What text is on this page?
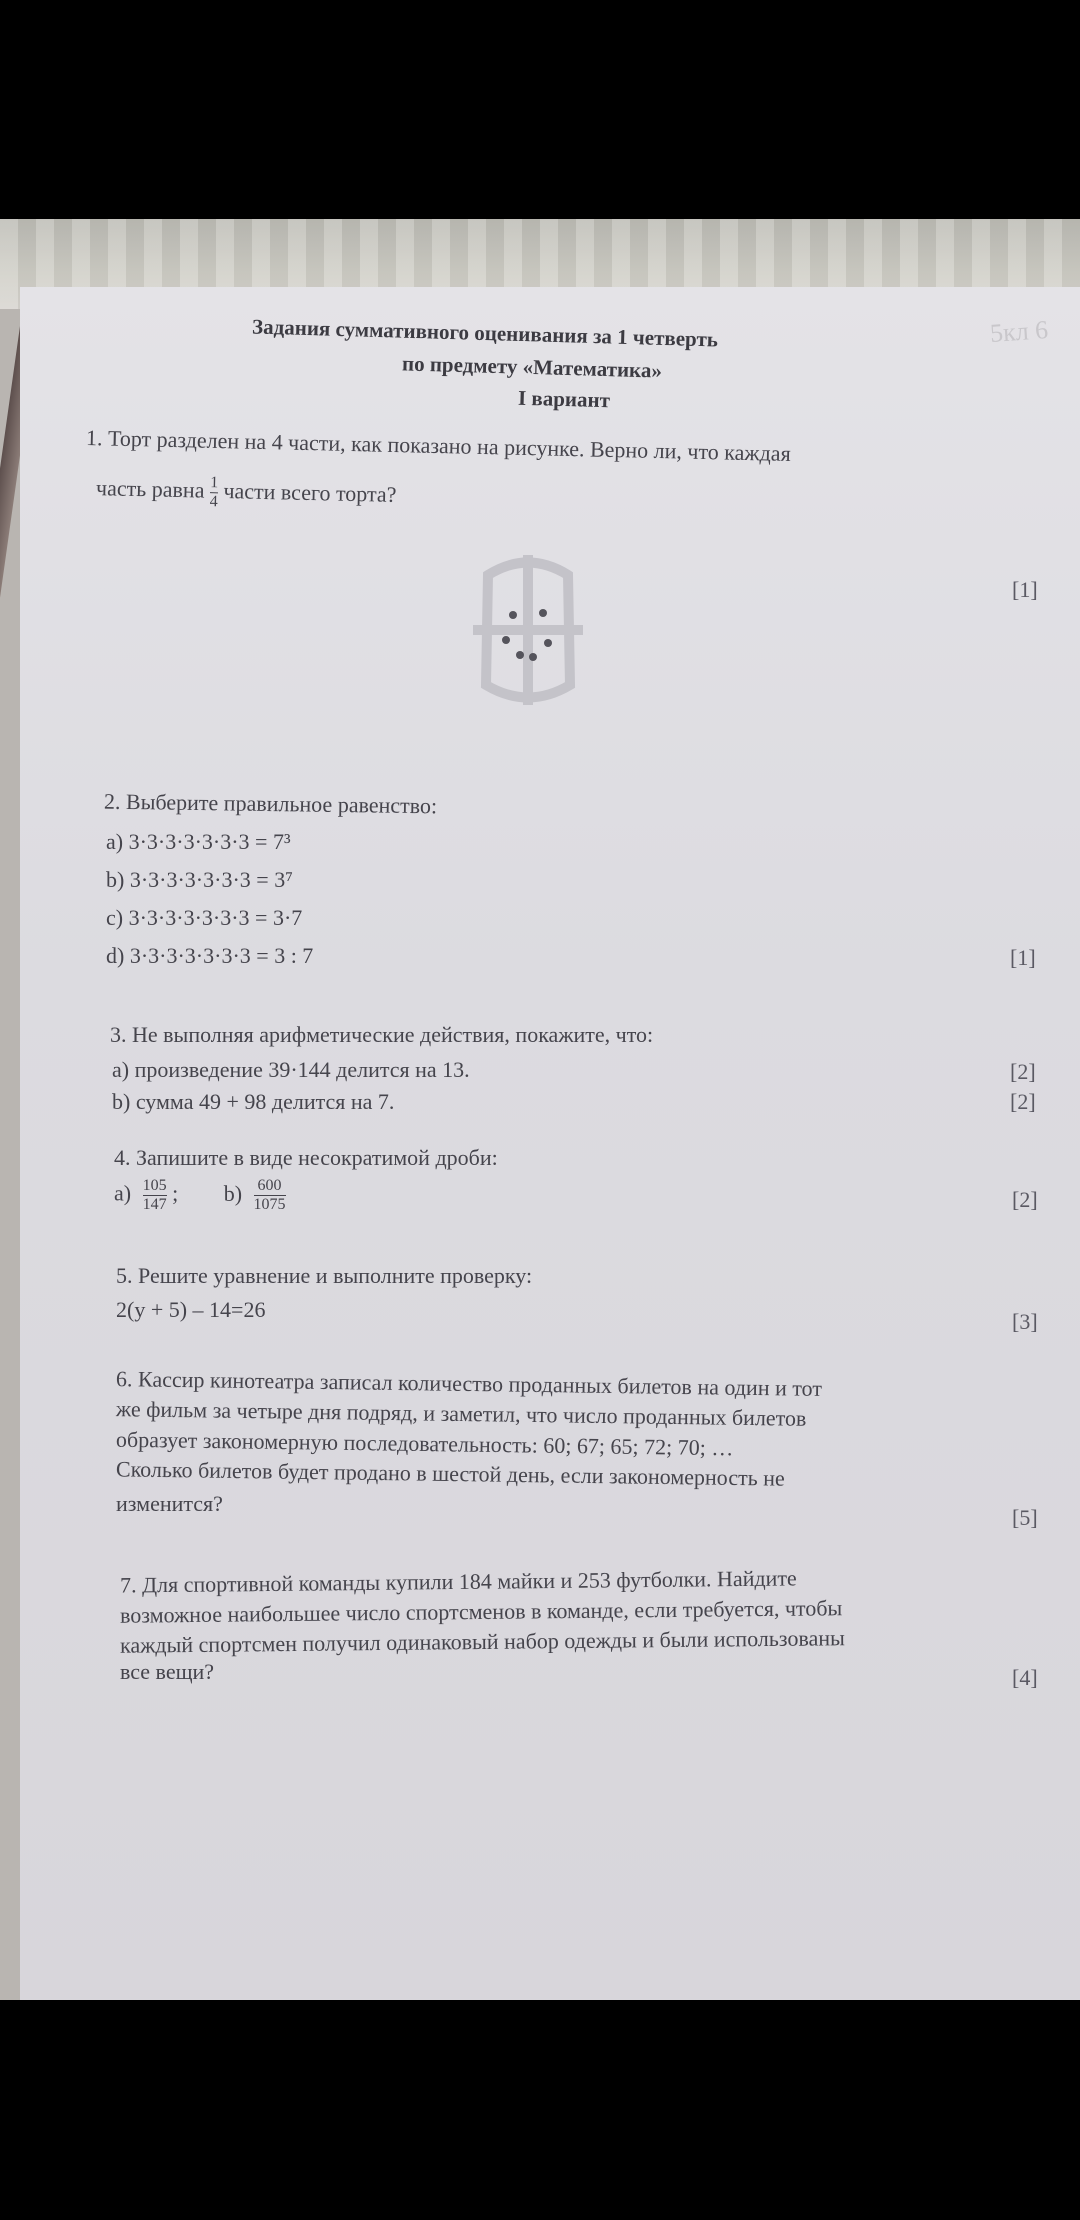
5кл 6
Задания суммативного оценивания за 1 четверть
по предмету «Математика»
I вариант
1. Торт разделен на 4 части, как показано на рисунке. Верно ли, что каждая
часть равна $\frac{1}{4}$ части всего торта?
[1]
2. Выберите правильное равенство:
a) 3·3·3·3·3·3·3 = 7³
b) 3·3·3·3·3·3·3 = 3⁷
c) 3·3·3·3·3·3·3 = 3·7
d) 3·3·3·3·3·3·3 = 3 : 7	[1]
3. Не выполняя арифметические действия, покажите, что:
a) произведение 39·144 делится на 13.
b) сумма 49 + 98 делится на 7.
[2]
[2]
4. Запишите в виде несократимой дроби:
$a) \frac{105}{147}$ ; $b) \frac{600}{1075}$	[2]
5. Решите уравнение и выполните проверку:
2(y + 5) – 14=26	[3]
6. Кассир кинотеатра записал количество проданных билетов на один и тот
же фильм за четыре дня подряд, и заметил, что число проданных билетов
образует закономерную последовательность: 60; 67; 65; 72; 70; …
Сколько билетов будет продано в шестой день, если закономерность не
изменится?
[5]
7. Для спортивной команды купили 184 майки и 253 футболки. Найдите
возможное наибольшее число спортсменов в команде, если требуется, чтобы
каждый спортсмен получил одинаковый набор одежды и были использованы
все вещи?	[4]
